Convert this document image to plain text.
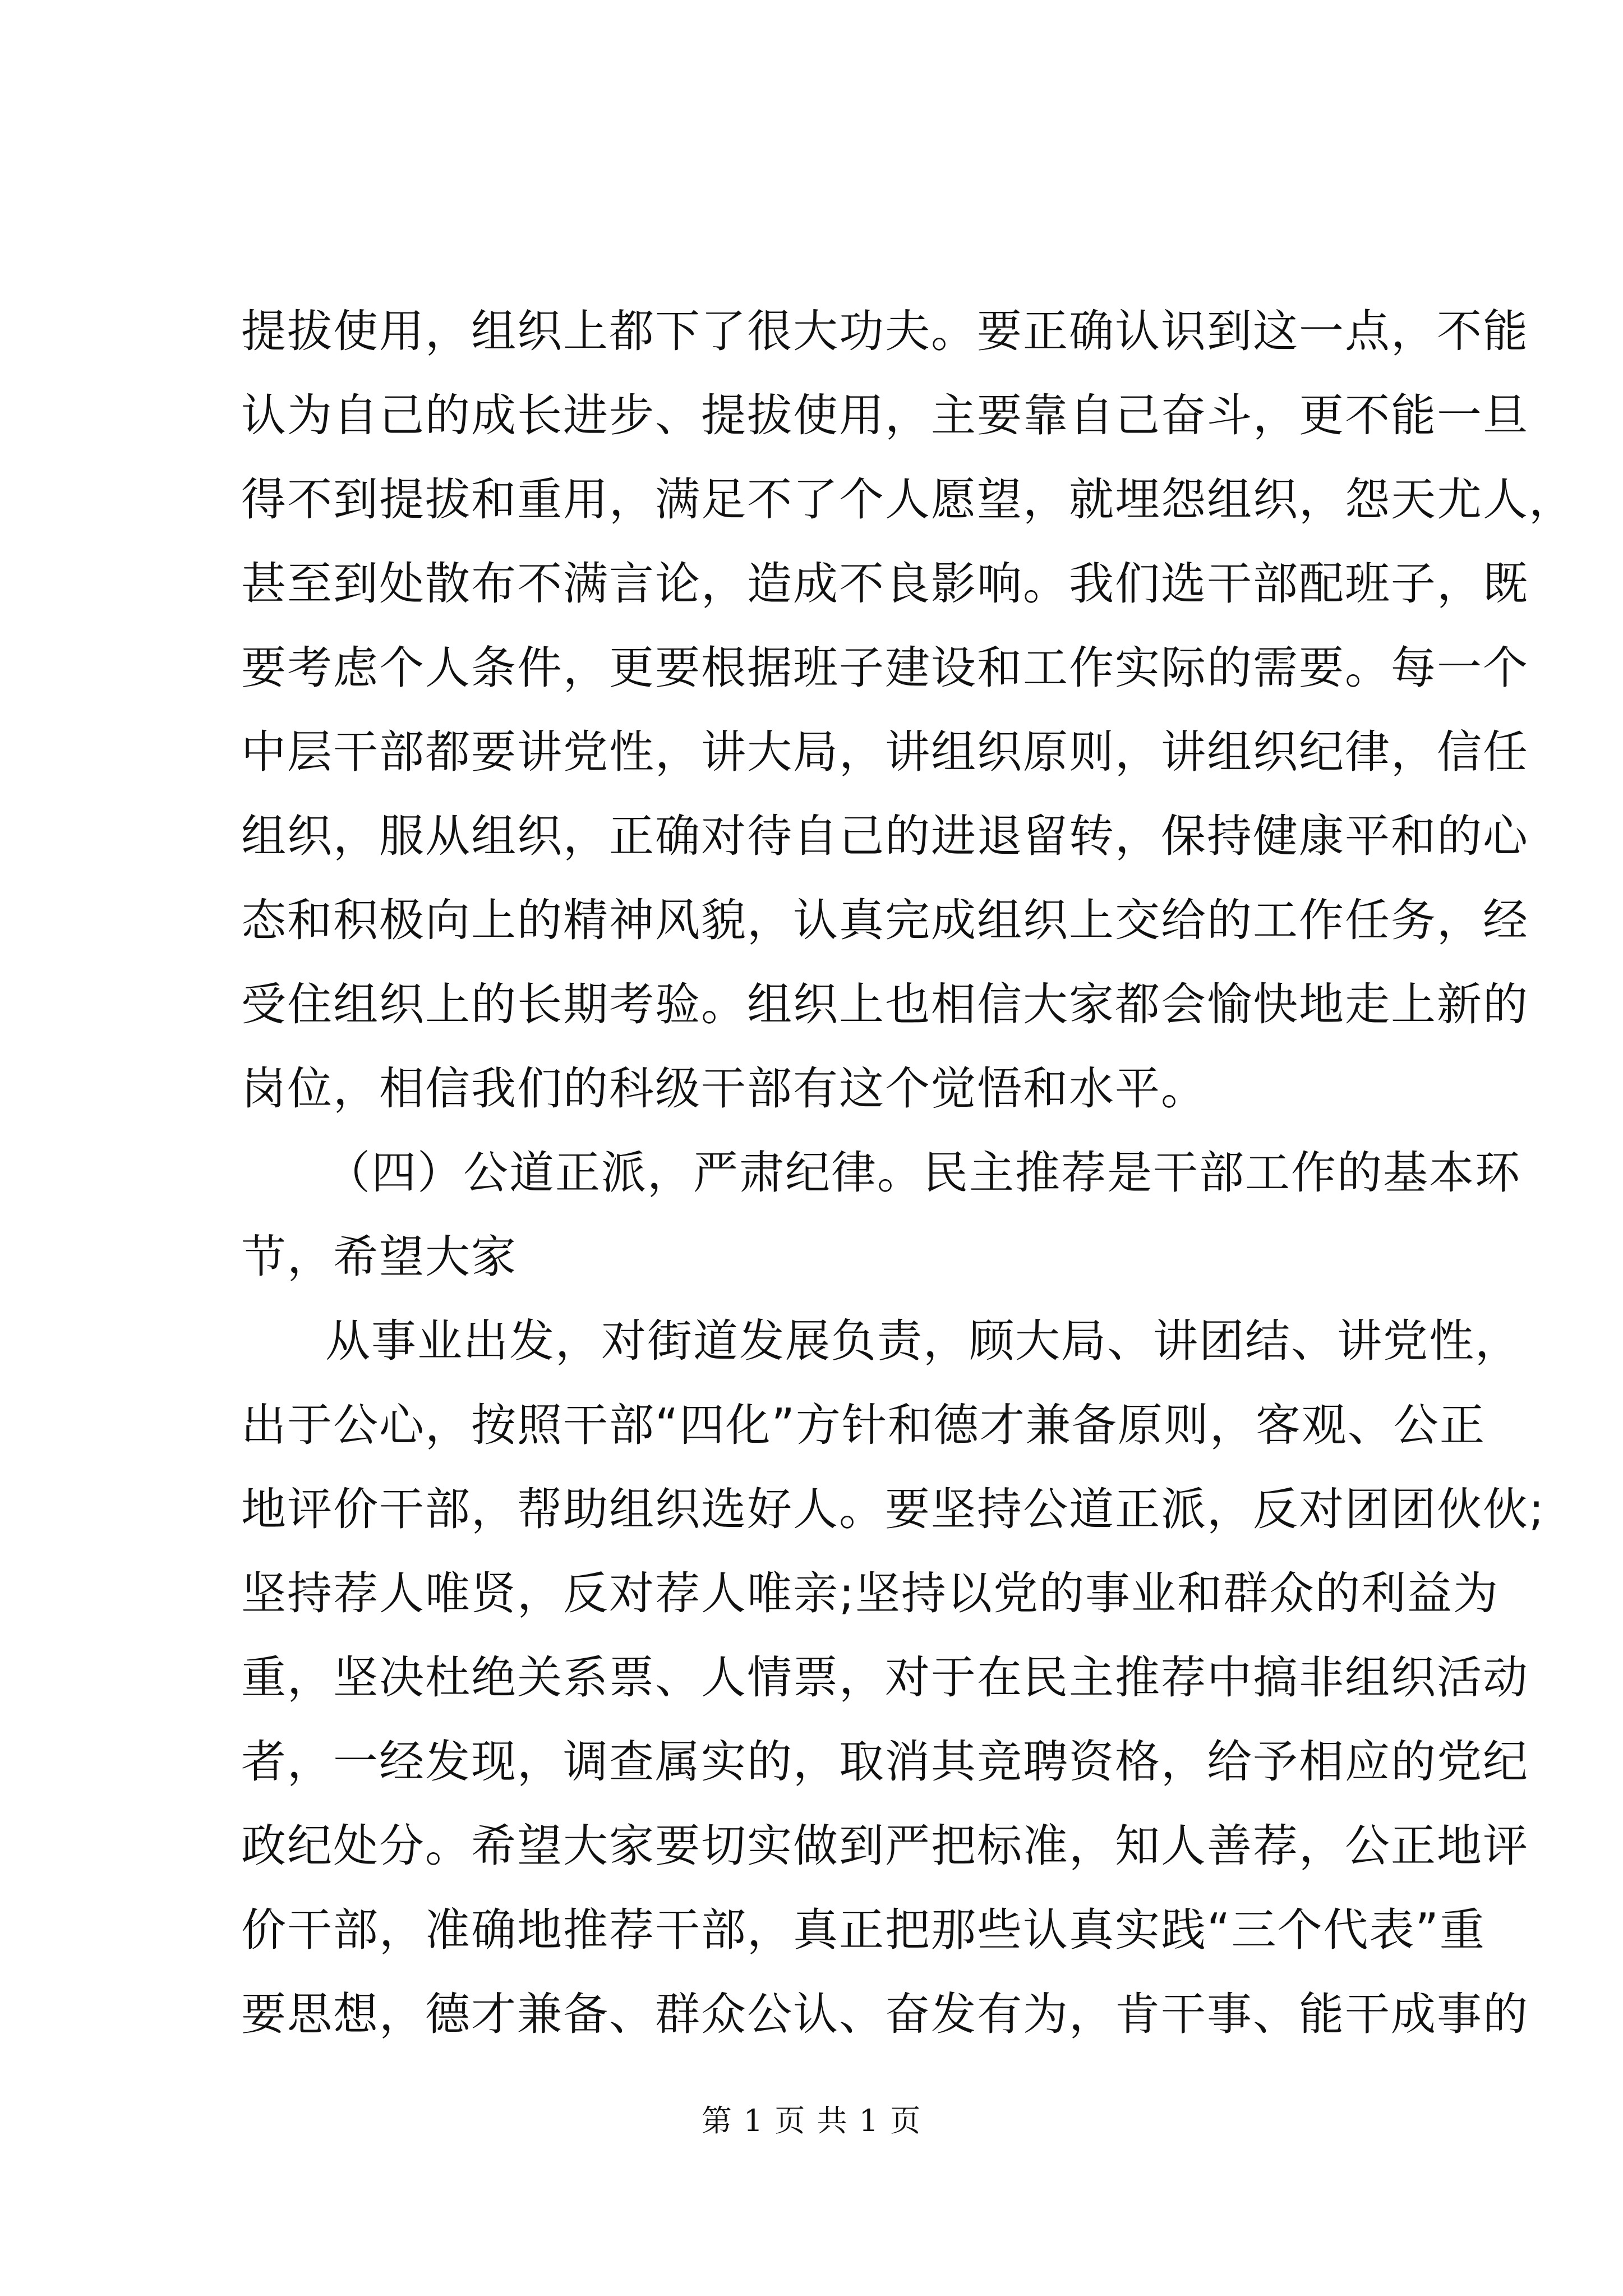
提拔使用，组织上都下了很大功夫。要正确认识到这一点，不能
认为自己的成长进步、提拔使用，主要靠自己奋斗，更不能一旦
得不到提拔和重用，满足不了个人愿望，就埋怨组织，怨天尤人，
甚至到处散布不满言论，造成不良影响。我们选干部配班子，既
要考虑个人条件，更要根据班子建设和工作实际的需要。每一个
中层干部都要讲党性，讲大局，讲组织原则，讲组织纪律，信任
组织，服从组织，正确对待自己的进退留转，保持健康平和的心
态和积极向上的精神风貌，认真完成组织上交给的工作任务，经
受住组织上的长期考验。组织上也相信大家都会愉快地走上新的
岗位，相信我们的科级干部有这个觉悟和水平。
（四）公道正派，严肃纪律。民主推荐是干部工作的基本环
节，希望大家
从事业出发，对街道发展负责，顾大局、讲团结、讲党性，
出于公心，按照干部“四化”方针和德才兼备原则，客观、公正
地评价干部，帮助组织选好人。要坚持公道正派，反对团团伙伙;
坚持荐人唯贤，反对荐人唯亲;坚持以党的事业和群众的利益为
重，坚决杜绝关系票、人情票，对于在民主推荐中搞非组织活动
者，一经发现，调查属实的，取消其竞聘资格，给予相应的党纪
政纪处分。希望大家要切实做到严把标准，知人善荐，公正地评
价干部，准确地推荐干部，真正把那些认真实践“三个代表”重
要思想，德才兼备、群众公认、奋发有为，肯干事、能干成事的
第 1 页 共 1 页
